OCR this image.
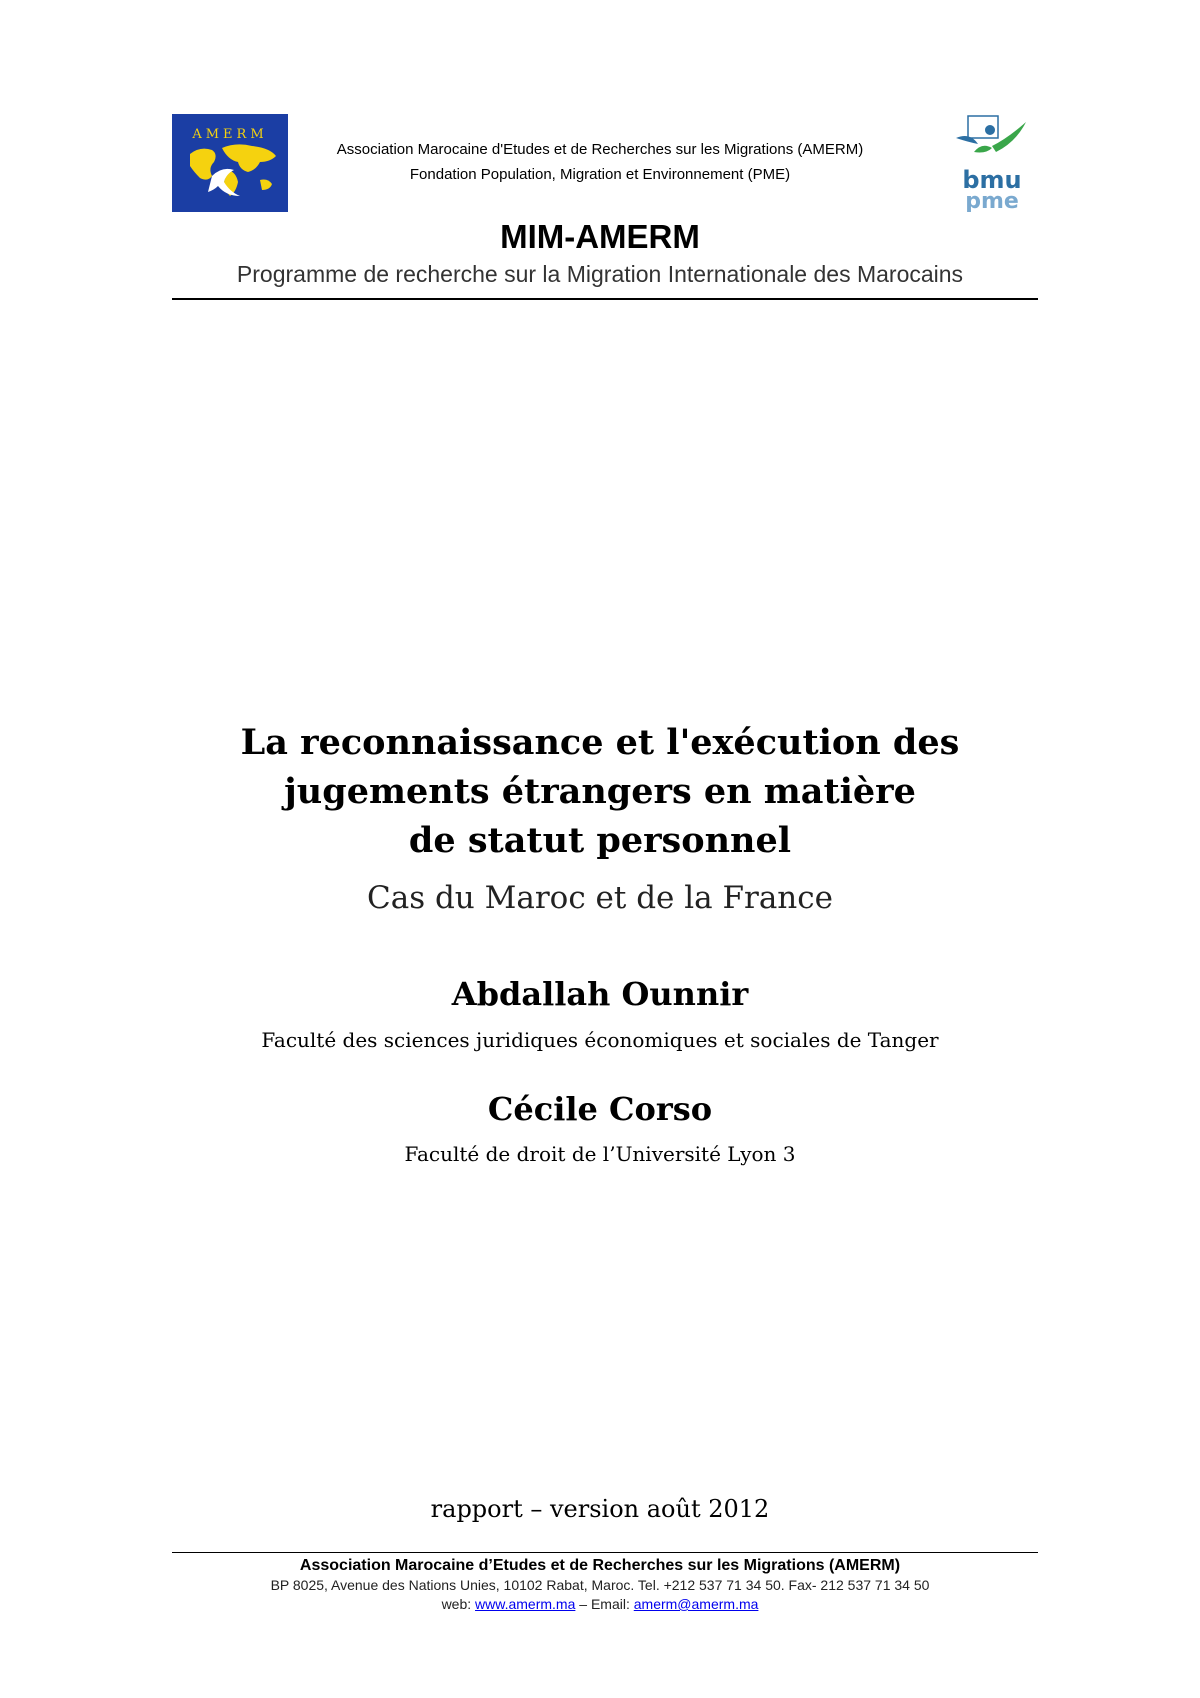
AMERM
bmu
pme
Association Marocaine d'Etudes et de Recherches sur les Migrations (AMERM)
Fondation Population, Migration et Environnement (PME)
MIM-AMERM
Programme de recherche sur la Migration Internationale des Marocains
La reconnaissance et l'exécution des
jugements étrangers en matière
de statut personnel
Cas du Maroc et de la France
Abdallah Ounnir
Faculté des sciences juridiques économiques et sociales de Tanger
Cécile Corso
Faculté de droit de l’Université Lyon 3
rapport – version août 2012
Association Marocaine d’Etudes et de Recherches sur les Migrations (AMERM)
BP 8025, Avenue des Nations Unies, 10102 Rabat, Maroc. Tel. +212 537 71 34 50. Fax- 212 537 71 34 50
web: www.amerm.ma – Email: amerm@amerm.ma
